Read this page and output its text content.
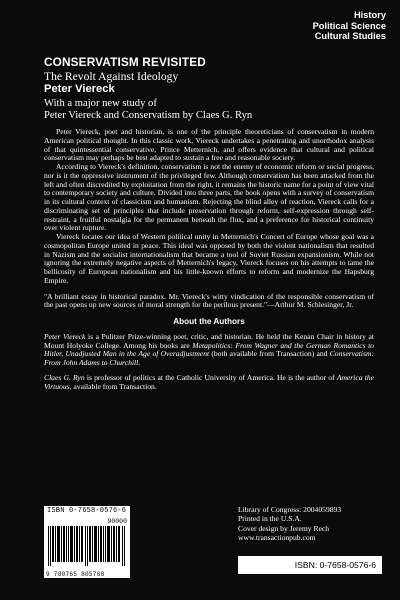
History
Political Science
Cultural Studies
CONSERVATISM REVISITED
The Revolt Against Ideology
Peter Viereck
With a major new study of
Peter Viereck and Conservatism by Claes G. Ryn

Peter Viereck, poet and historian, is one of the principle theoreticians of conservatism in modern American political thought. In this classic work, Viereck undertakes a penetrating and unorthodox analysis of that quintessential conservative, Prince Metternich, and offers evidence that cultural and political conservatism may perhaps be best adapted to sustain a free and reasonable society.

According to Viereck's definition, conservatism is not the enemy of economic reform or social progress, nor is it the oppressive instrument of the privileged few. Although conservatism has been attacked from the left and often discredited by exploitation from the right, it remains the historic name for a point of view vital to contemporary society and culture. Divided into three parts, the book opens with a survey of conservatism in its cultural context of classicism and humanism. Rejecting the blind alley of reaction, Viereck calls for a discriminating set of principles that include preservation through reform, self-expression through self-restraint, a fruitful nostalgia for the permanent beneath the flux, and a preference for historical continuity over violent rupture.

Viereck locates our idea of Western political unity in Metternich's Concert of Europe whose goal was a cosmopolitan Europe united in peace. This ideal was opposed by both the violent nationalism that resulted in Nazism and the socialist internationalism that became a tool of Soviet Russian expansionism. While not ignoring the extremely negative aspects of Metternich's legacy, Viereck focuses on his attempts to tame the bellicosity of European nationalism and his little-known efforts to reform and modernize the Hapsburg Empire.

"A brilliant essay in historical paradox. Mr. Viereck's witty vindication of the responsible conservatism of the past opens up new sources of moral strength for the perilous present."—Arthur M. Schlesinger, Jr.

About the Authors

Peter Viereck is a Pulitzer Prize-winning poet, critic, and historian. He held the Kenan Chair in history at Mount Holyoke College. Among his books are Metapolitics: From Wagner and the German Romantics to Hitler, Unadjusted Man in the Age of Overadjustment (both available from Transaction) and Conservatism: From John Adams to Churchill.

Claes G. Ryn is professor of politics at the Catholic University of America. He is the author of America the Virtuous, available from Transaction.

ISBN 0-7658-0576-6
90000
9 780765 805768
Library of Congress: 2004059893
Printed in the U.S.A.
Cover design by Jeremy Rech
www.transactionpub.com
ISBN: 0-7658-0576-6
